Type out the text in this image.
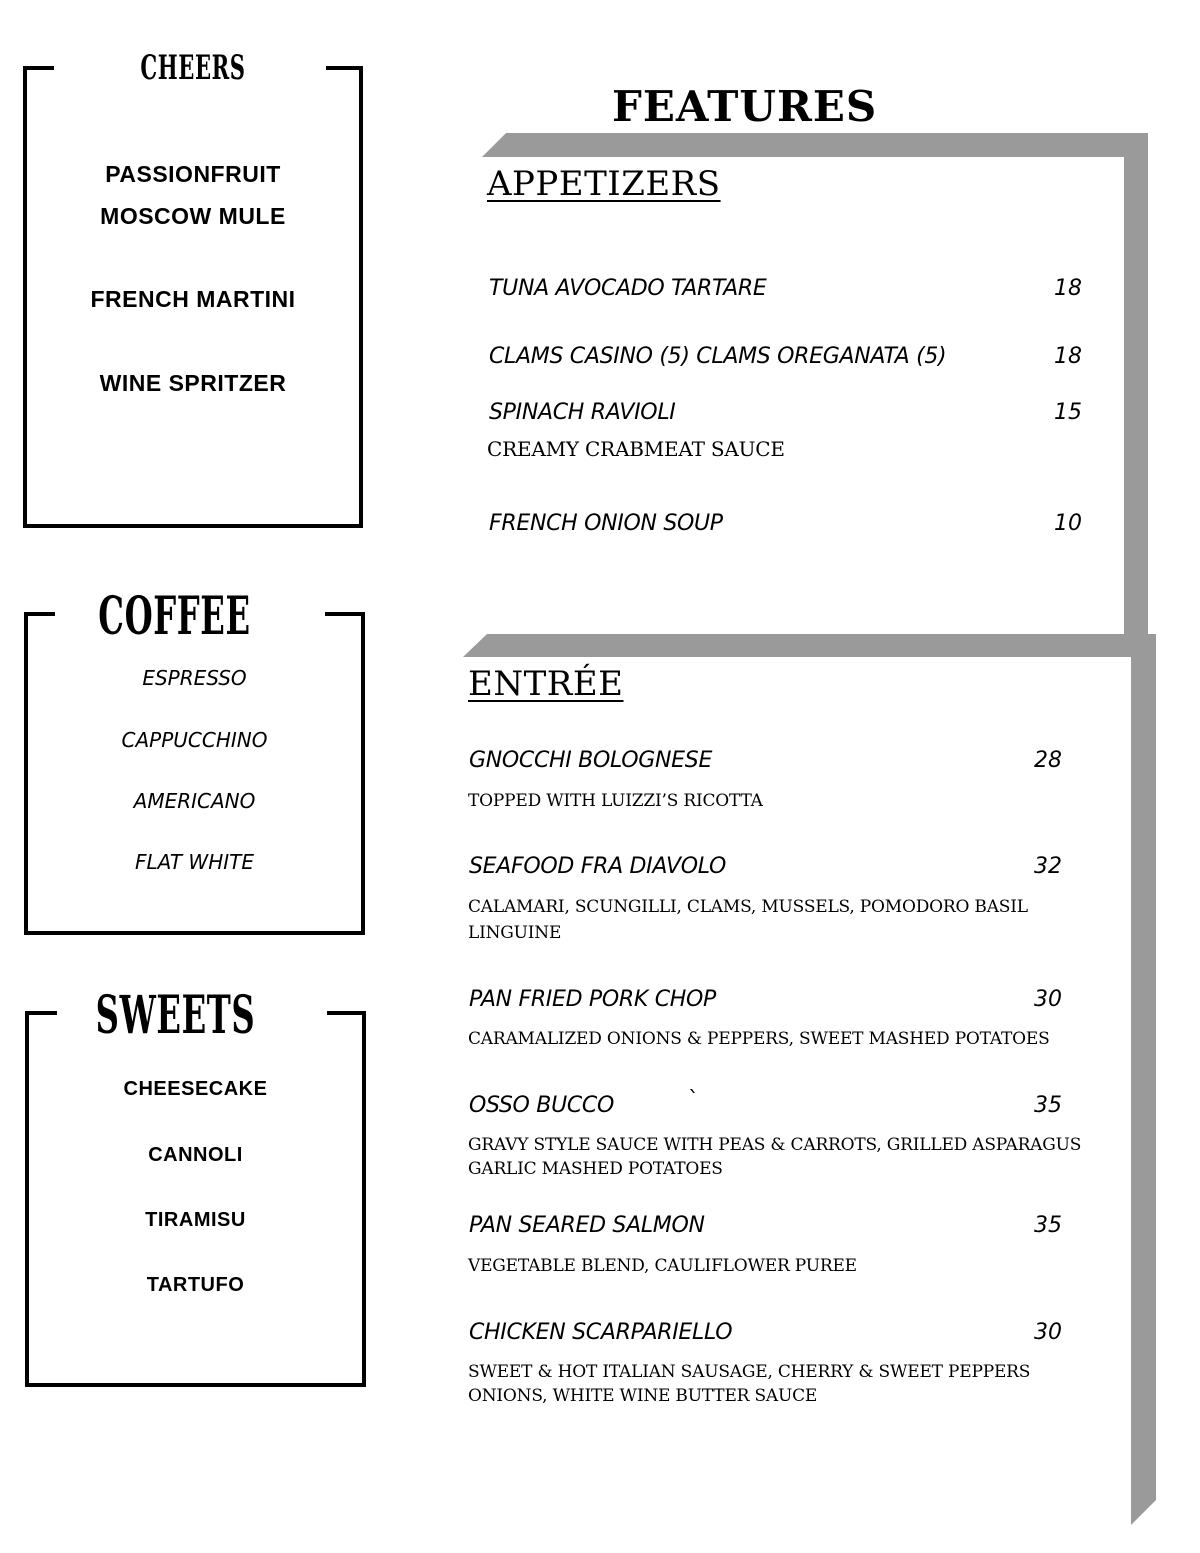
CHEERS
PASSIONFRUIT
MOSCOW MULE
FRENCH MARTINI
WINE SPRITZER
COFFEE
ESPRESSO
CAPPUCCHINO
AMERICANO
FLAT WHITE
SWEETS
CHEESECAKE
CANNOLI
TIRAMISU
TARTUFO
FEATURES
APPETIZERS
TUNA AVOCADO TARTARE	18
CLAMS CASINO (5) CLAMS OREGANATA (5)	18
SPINACH RAVIOLI	15
CREAMY CRABMEAT SAUCE
FRENCH ONION SOUP	10
ENTRÉE
GNOCCHI BOLOGNESE	28
TOPPED WITH LUIZZI’S RICOTTA
SEAFOOD FRA DIAVOLO	32
CALAMARI, SCUNGILLI, CLAMS, MUSSELS, POMODORO BASIL
LINGUINE
PAN FRIED PORK CHOP	30
CARAMALIZED ONIONS & PEPPERS, SWEET MASHED POTATOES
OSSO BUCCO	`	35
GRAVY STYLE SAUCE WITH PEAS & CARROTS, GRILLED ASPARAGUS
GARLIC MASHED POTATOES
PAN SEARED SALMON	35
VEGETABLE BLEND, CAULIFLOWER PUREE
CHICKEN SCARPARIELLO	30
SWEET & HOT ITALIAN SAUSAGE, CHERRY & SWEET PEPPERS
ONIONS, WHITE WINE BUTTER SAUCE
